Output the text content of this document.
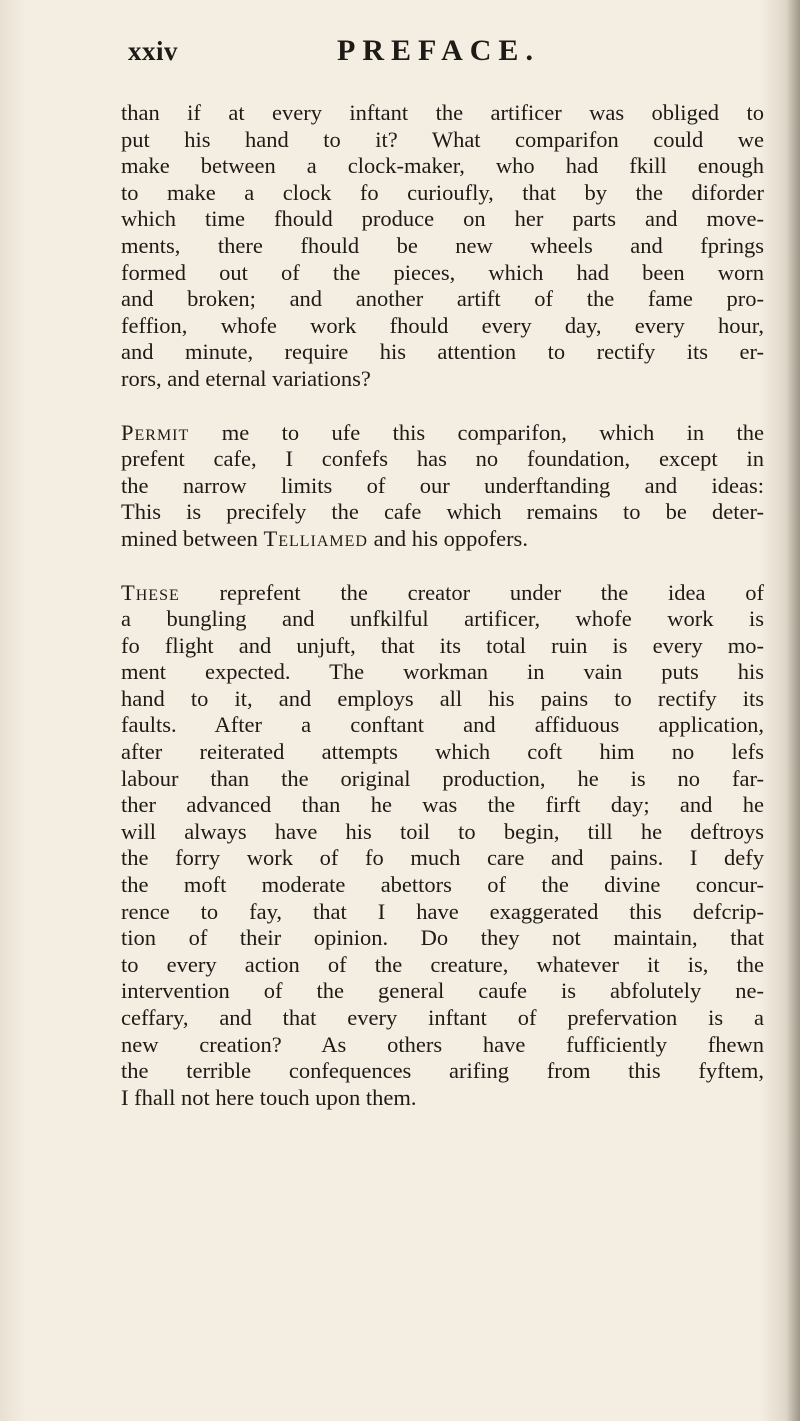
xxiv	PREFACE.
than if at every inftant the artificer was obliged to
put his hand to it? What comparifon could we
make between a clock-maker, who had fkill enough
to make a clock fo curioufly, that by the diforder
which time fhould produce on her parts and move-
ments, there fhould be new wheels and fprings
formed out of the pieces, which had been worn
and broken; and another artift of the fame pro-
feffion, whofe work fhould every day, every hour,
and minute, require his attention to rectify its er-
rors, and eternal variations?
Permit me to ufe this comparifon, which in the
prefent cafe, I confefs has no foundation, except in
the narrow limits of our underftanding and ideas:
This is precifely the cafe which remains to be deter-
mined between Telliamed and his oppofers.
These reprefent the creator under the idea of
a bungling and unfkilful artificer, whofe work is
fo flight and unjuft, that its total ruin is every mo-
ment expected. The workman in vain puts his
hand to it, and employs all his pains to rectify its
faults. After a conftant and affiduous application,
after reiterated attempts which coft him no lefs
labour than the original production, he is no far-
ther advanced than he was the firft day; and he
will always have his toil to begin, till he deftroys
the forry work of fo much care and pains. I defy
the moft moderate abettors of the divine concur-
rence to fay, that I have exaggerated this defcrip-
tion of their opinion. Do they not maintain, that
to every action of the creature, whatever it is, the
intervention of the general caufe is abfolutely ne-
ceffary, and that every inftant of prefervation is a
new creation? As others have fufficiently fhewn
the terrible confequences arifing from this fyftem,
I fhall not here touch upon them.
